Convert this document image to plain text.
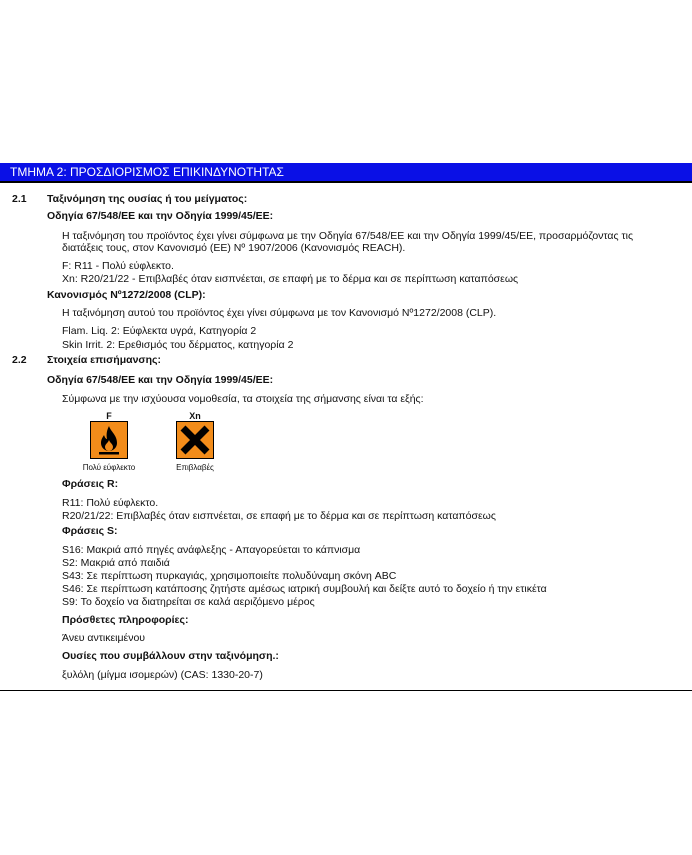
ΤΜΗΜΑ 2: ΠΡΟΣΔΙΟΡΙΣΜΟΣ ΕΠΙΚΙΝΔΥΝΟΤΗΤΑΣ
2.1 Ταξινόμηση της ουσίας ή του μείγματος:
Οδηγία 67/548/ΕΕ και την Οδηγία 1999/45/ΕΕ:
Η ταξινόμηση του προϊόντος έχει γίνει σύμφωνα με την Οδηγία 67/548/ΕΕ και την Οδηγία 1999/45/ΕΕ, προσαρμόζοντας τις
διατάξεις τους, στον Κανονισμό (ΕΕ) Nº 1907/2006 (Κανονισμός REACH).
F: R11 - Πολύ εύφλεκτο.
Xn: R20/21/22 - Επιβλαβές όταν εισπνέεται, σε επαφή με το δέρμα και σε περίπτωση καταπόσεως
Κανονισμός Nº1272/2008 (CLP):
Η ταξινόμηση αυτού του προϊόντος έχει γίνει σύμφωνα με τον Κανονισμό Nº1272/2008 (CLP).
Flam. Liq. 2: Εύφλεκτα υγρά, Κατηγορία 2
Skin Irrit. 2: Ερεθισμός του δέρματος, κατηγορία 2
2.2 Στοιχεία επισήμανσης:
Οδηγία 67/548/ΕΕ και την Οδηγία 1999/45/ΕΕ:
Σύμφωνα με την ισχύουσα νομοθεσία, τα στοιχεία της σήμανσης είναι τα εξής:
F
Πολύ εύφλεκτο
Xn
Επιβλαβές
Φράσεις R:
R11: Πολύ εύφλεκτο.
R20/21/22: Επιβλαβές όταν εισπνέεται, σε επαφή με το δέρμα και σε περίπτωση καταπόσεως
Φράσεις S:
S16: Μακριά από πηγές ανάφλεξης - Απαγορεύεται το κάπνισμα
S2: Μακριά από παιδιά
S43: Σε περίπτωση πυρκαγιάς, χρησιμοποιείτε πολυδύναμη σκόνη ABC
S46: Σε περίπτωση κατάποσης ζητήστε αμέσως ιατρική συμβουλή και δείξτε αυτό το δοχείο ή την ετικέτα
S9: Το δοχείο να διατηρείται σε καλά αεριζόμενο μέρος
Πρόσθετες πληροφορίες:
Άνευ αντικειμένου
Ουσίες που συμβάλλουν στην ταξινόμηση.:
ξυλόλη (μίγμα ισομερών) (CAS: 1330-20-7)
